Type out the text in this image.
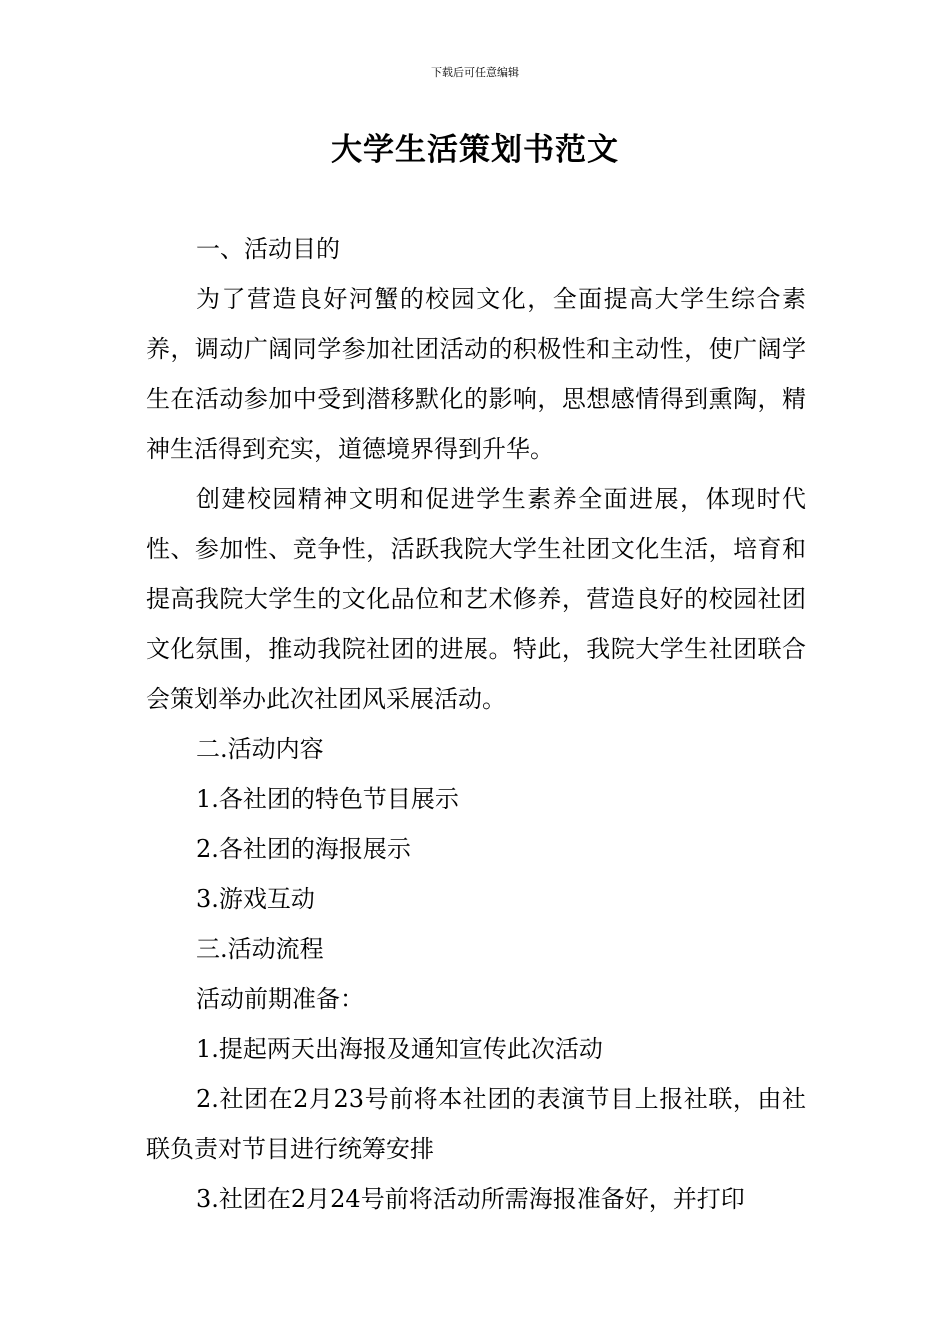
下载后可任意编辑
大学生活策划书范文

一、活动目的

为了营造良好河蟹的校园文化，全面提高大学生综合素养，调动广阔同学参加社团活动的积极性和主动性，使广阔学生在活动参加中受到潜移默化的影响，思想感情得到熏陶，精神生活得到充实，道德境界得到升华。

创建校园精神文明和促进学生素养全面进展，体现时代性、参加性、竞争性，活跃我院大学生社团文化生活，培育和提高我院大学生的文化品位和艺术修养，营造良好的校园社团文化氛围，推动我院社团的进展。特此，我院大学生社团联合会策划举办此次社团风采展活动。

二.活动内容

1.各社团的特色节目展示

2.各社团的海报展示

3.游戏互动

三.活动流程

活动前期准备：

1.提起两天出海报及通知宣传此次活动

2.社团在2月23号前将本社团的表演节目上报社联，由社联负责对节目进行统筹安排

3.社团在2月24号前将活动所需海报准备好，并打印
